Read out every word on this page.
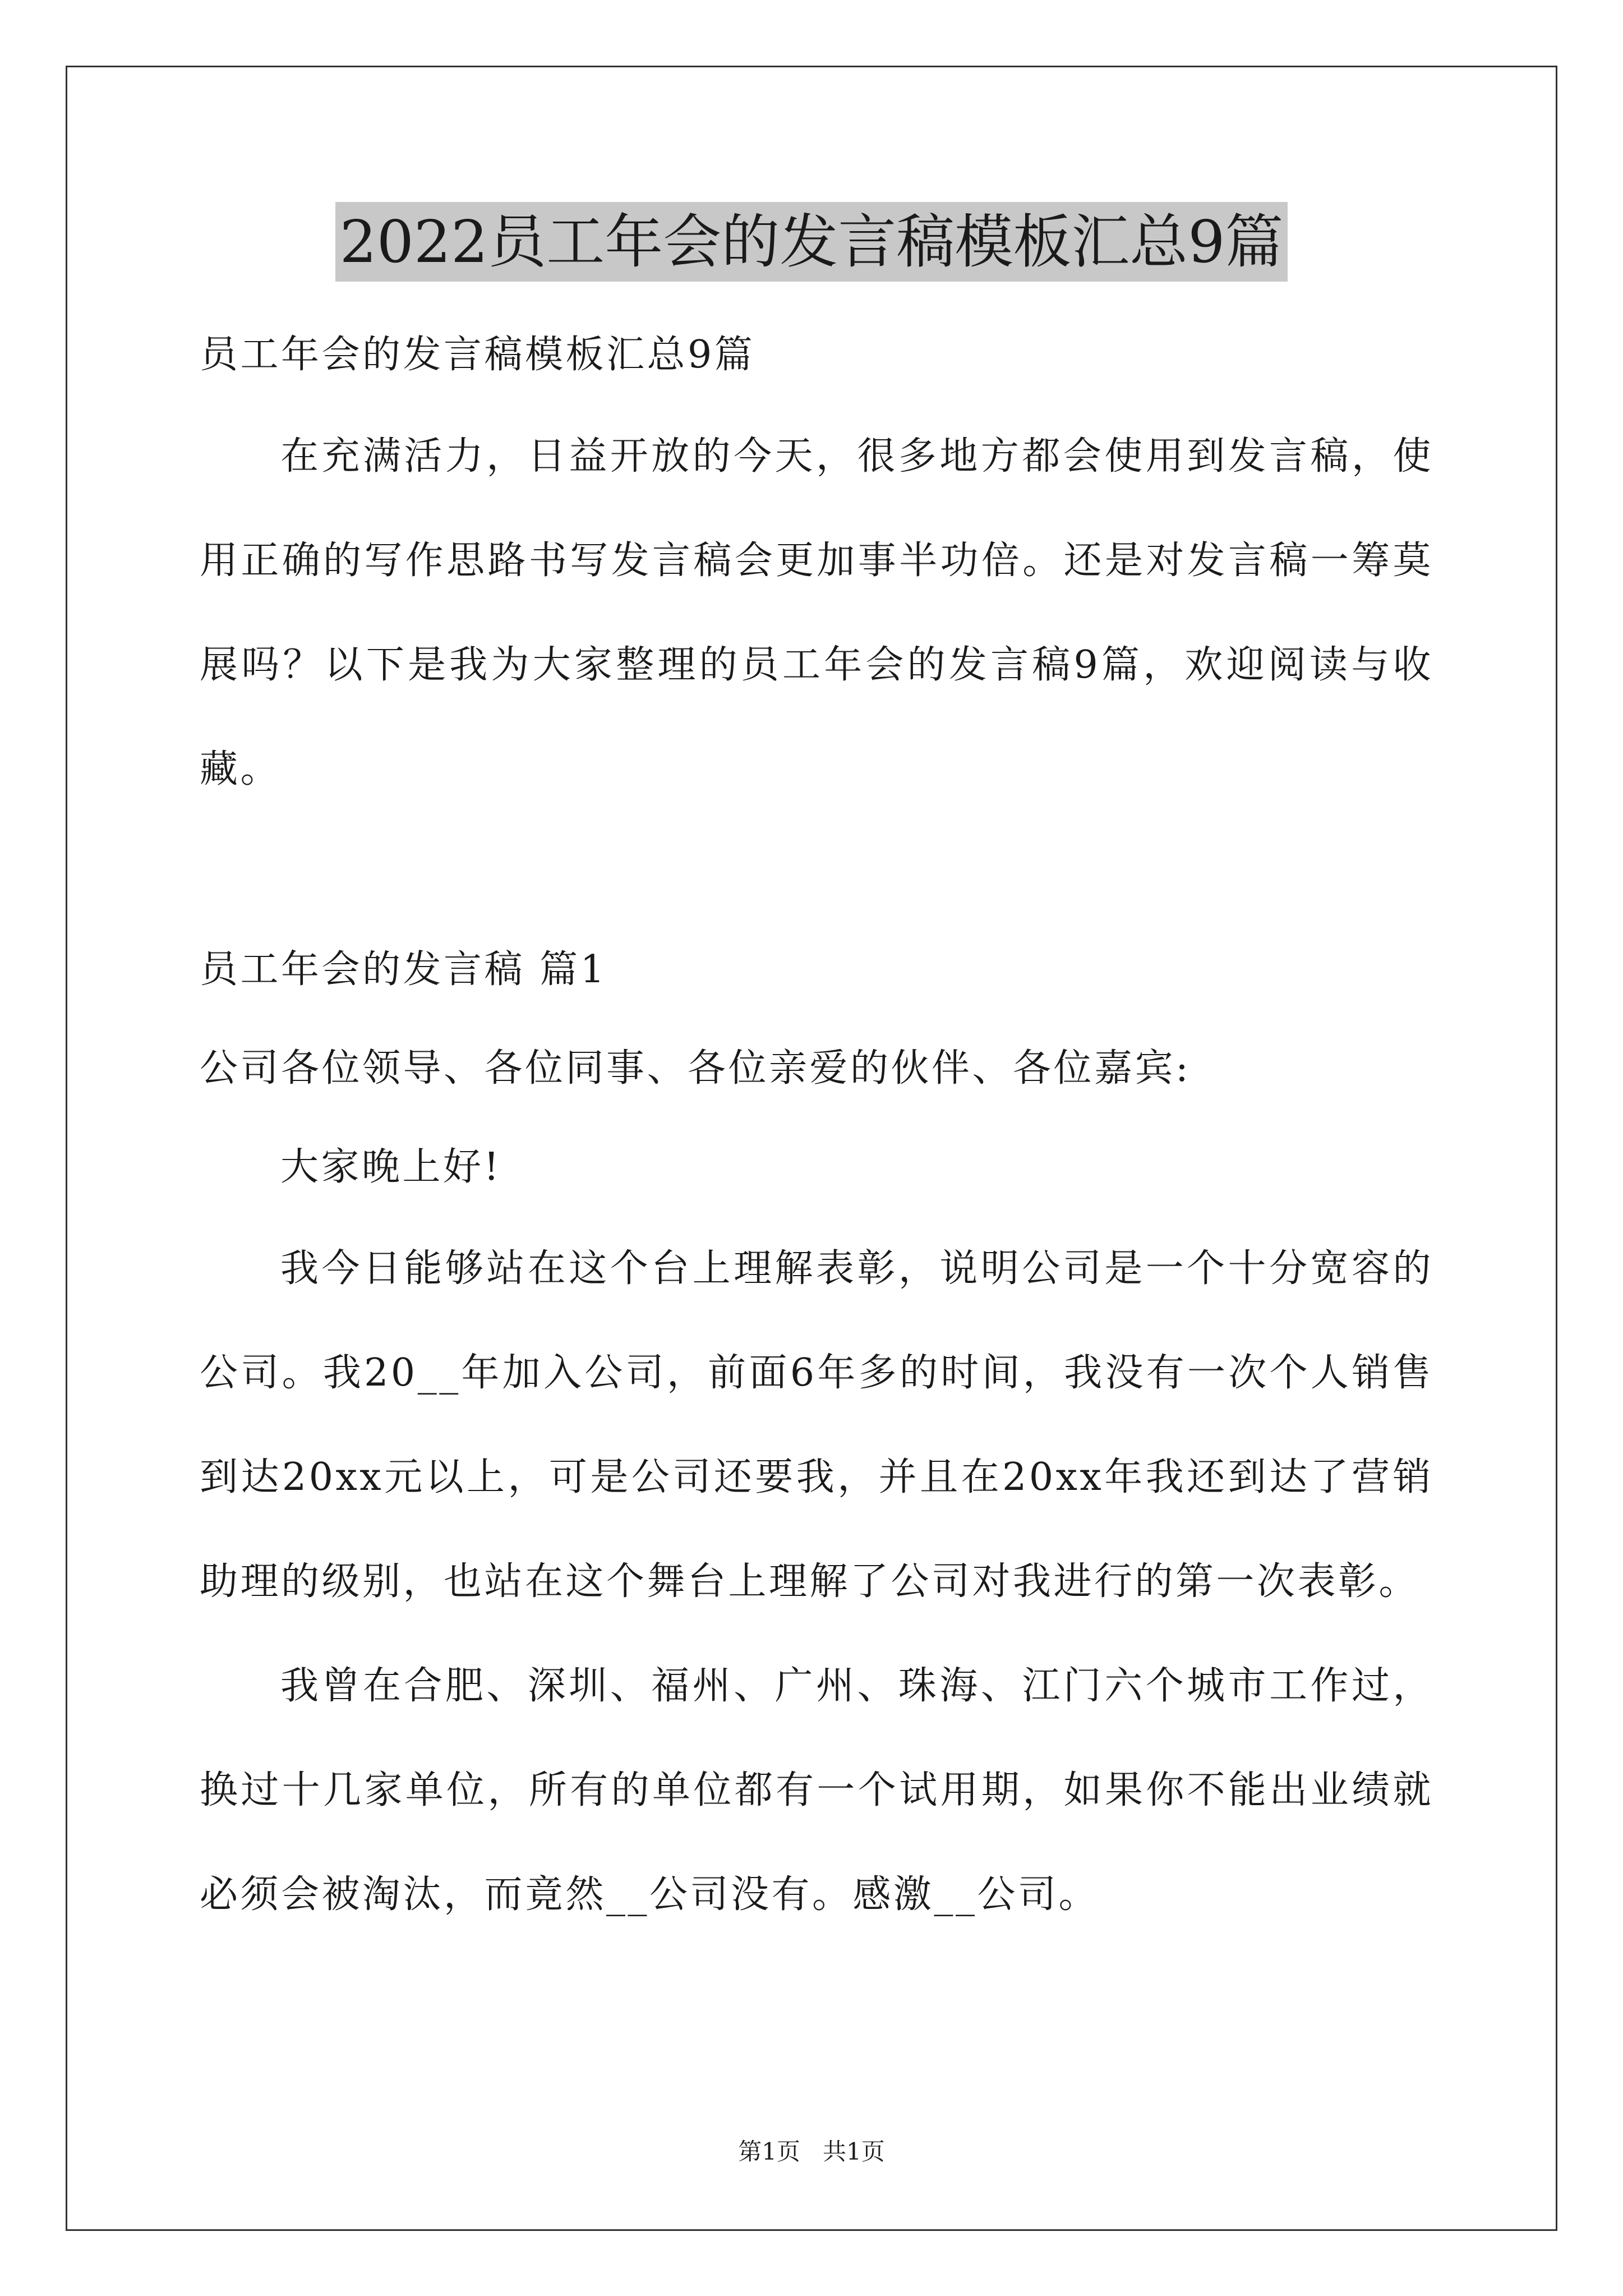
2022员工年会的发言稿模板汇总9篇

员工年会的发言稿模板汇总9篇

在充满活力，日益开放的今天，很多地方都会使用到发言稿，使用正确的写作思路书写发言稿会更加事半功倍。还是对发言稿一筹莫展吗？以下是我为大家整理的员工年会的发言稿9篇，欢迎阅读与收藏。

员工年会的发言稿 篇1

公司各位领导、各位同事、各位亲爱的伙伴、各位嘉宾:

大家晚上好!

我今日能够站在这个台上理解表彰，说明公司是一个十分宽容的公司。我20__年加入公司，前面6年多的时间，我没有一次个人销售到达20xx元以上，可是公司还要我，并且在20xx年我还到达了营销助理的级别，也站在这个舞台上理解了公司对我进行的第一次表彰。

我曾在合肥、深圳、福州、广州、珠海、江门六个城市工作过，换过十几家单位，所有的单位都有一个试用期，如果你不能出业绩就必须会被淘汰，而竟然__公司没有。感激__公司。

第1页   共1页
